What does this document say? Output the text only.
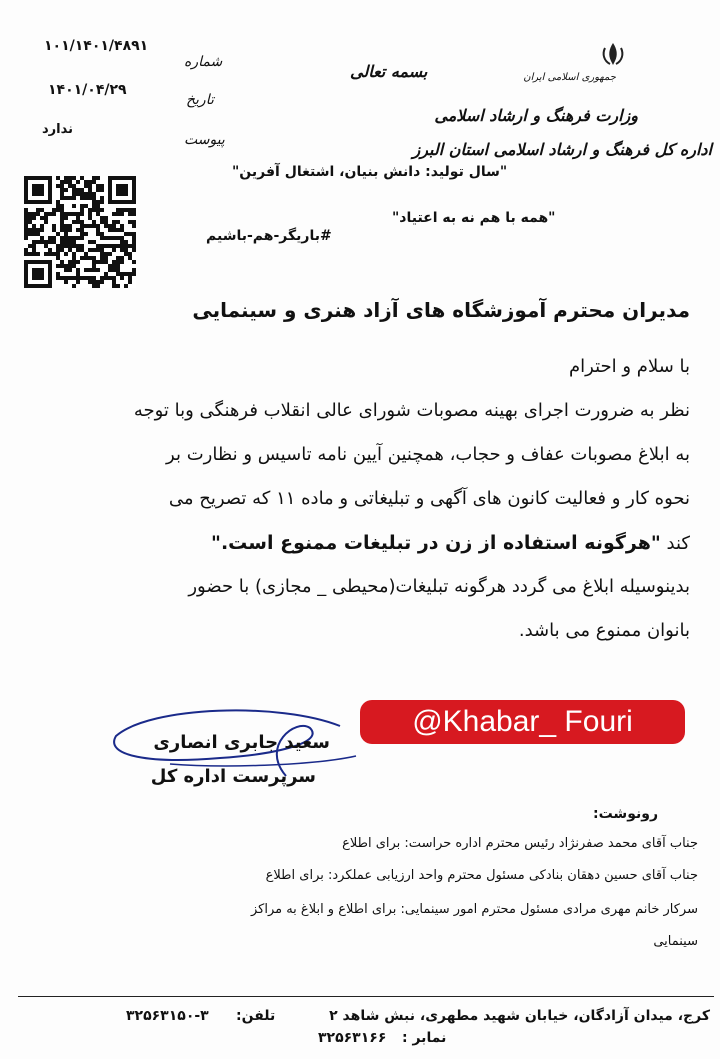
۱۰۱/۱۴۰۱/۴۸۹۱
شماره
۱۴۰۱/۰۴/۲۹
تاریخ
ندارد
پیوست
بسمه تعالی	جمهوری اسلامی ایران
وزارت فرهنگ و ارشاد اسلامی
اداره کل فرهنگ و ارشاد اسلامی استان البرز
"سال تولید: دانش بنیان، اشتغال آفرین"
#باریگر-هم-باشیم
"همه با هم نه به اعتیاد"
مدیران محترم آموزشگاه های آزاد هنری و سینمایی
با سلام و احترام
نظر به ضرورت اجرای بهینه مصوبات شورای عالی انقلاب فرهنگی وبا توجه
به ابلاغ مصوبات عفاف و حجاب، همچنین آیین نامه تاسیس و نظارت بر
نحوه کار و فعالیت کانون های آگهی و تبلیغاتی و ماده ۱۱ که تصریح می
کند "هرگونه استفاده از زن در تبلیغات ممنوع است."
بدینوسیله ابلاغ می گردد هرگونه تبلیغات(محیطی _ مجازی) با حضور
بانوان ممنوع می باشد.
@Khabar_ Fouri
سعید جابری انصاری
سرپرست اداره کل
رونوشت:
جناب آقای محمد صفرنژاد رئیس محترم اداره حراست: برای اطلاع
جناب آقای حسین دهقان بنادکی مسئول محترم واحد ارزیابی عملکرد: برای اطلاع
سرکار خانم مهری مرادی مسئول محترم امور سینمایی: برای اطلاع و ابلاغ به مراکز
سینمایی
کرج، میدان آزادگان، خیابان شهید مطهری، نبش شاهد ۲
تلفن:
۳۲۵۶۳۱۵۰-۳
نمابر :
۳۲۵۶۳۱۶۶
